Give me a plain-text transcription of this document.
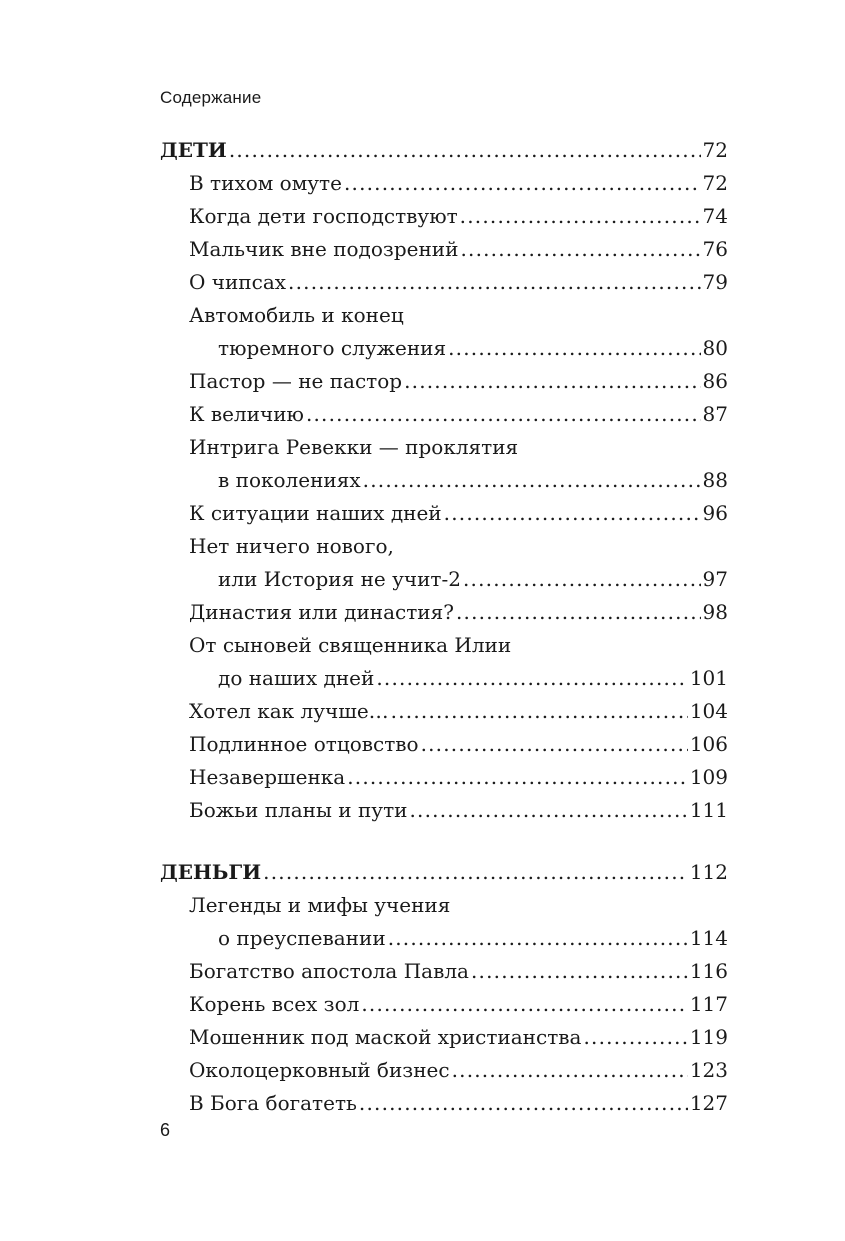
Содержание
ДЕТИ .....	72
В тихом омуте .....	72
Когда дети господствуют .....	74
Мальчик вне подозрений .....	76
О чипсах .....	79
Автомобиль и конец
тюремного служения .....	80
Пастор — не пастор .....	86
К величию .....	87
Интрига Ревекки — проклятия
в поколениях .....	88
К ситуации наших дней .....	96
Нет ничего нового,
или История не учит-2 .....	97
Династия или династия? .....	98
От сыновей священника Илии
до наших дней .....	101
Хотел как лучше… .....	104
Подлинное отцовство .....	106
Незавершенка .....	109
Божьи планы и пути .....	111
ДЕНЬГИ .....	112
Легенды и мифы учения
о преуспевании .....	114
Богатство апостола Павла .....	116
Корень всех зол .....	117
Мошенник под маской христианства .....	119
Околоцерковный бизнес .....	123
В Бога богатеть .....	127
6
